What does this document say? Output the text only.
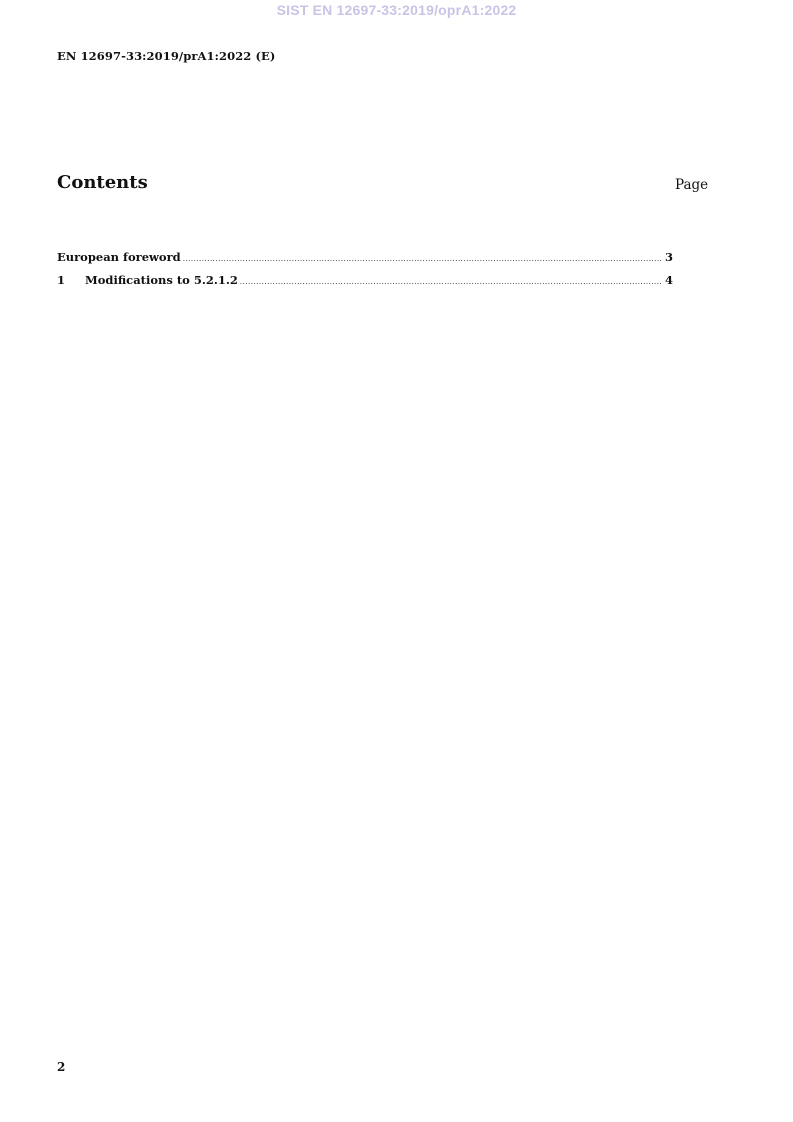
SIST EN 12697-33:2019/oprA1:2022
EN 12697-33:2019/prA1:2022 (E)
Contents	Page
European foreword .....	3
1	Modifications to 5.2.1.2 .....	4
2
